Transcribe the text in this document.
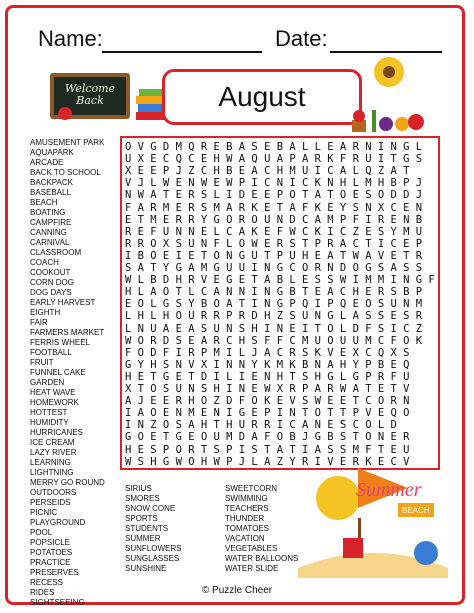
Name:	Date:
Welcome Back	August
O V G D M Q R E B A S E B A L L E A R N I N G L
U X E C Q C E H W A Q U A P A R K F R U I T G S
X E E P J Z C H B E A C H M U I C A L Q Z A T
V J L W E N W E W P I C N I C K N H L M H B P J
N W A T E R S L I D E E P O T A T O E S O D D J
F A R M E R S M A R K E T A F K E Y S N X C E N
E T M E R R Y G O R O U N D C A M P F I R E N B
R E F U N N E L C A K E F W C K I C Z E S Y M U
R R O X S U N F L O W E R S T P R A C T I C E P
I B O E I E T O N G U T P U H E A T W A V E T R
S A T Y G A M G U U I N G C O R N D O G S A S S
W L B D H R V E G E T A B L E S S W I M M I N G F
H L A O T L C A N N I N G B T E A C H E R S B P
E O L G S Y B O A T I N G P Q I P Q E O S U N M
L H L H O U R R P R D H Z S U N G L A S S E S R
L N U A E A S U N S H I N E I T O L D F S I C Z
W O R D S E A R C H S F F C M U O U U M C F O K
F O D F I R P M I L J A C R S K V E X C Q X S
G Y H S N V X I N N Y K M K B N A H Y P B E Q
H E T G E T D I L I E N H T S H G L G P R F U
X T O S U N S H I N E W X R P A R W A T E T V
A J E E R H O Z D F O K E V S W E E T C O R N
I A O E N M E N I G E P I N T O T T P V E Q O
I N Z O S A H T H U R R I C A N E S C O L D
G O E T G E O U M D A F O B J G B S T O N E R
H E S P O R T S P I S T A T I A S S M F T E U
W S H G W O H W P J L A Z Y R I V E R K E C V
AMUSEMENT PARK
AQUAPARK
ARCADE
BACK TO SCHOOL
BACKPACK
BASEBALL
BEACH
BOATING
CAMPFIRE
CANNING
CARNIVAL
CLASSROOM
COACH
COOKOUT
CORN DOG
DOG DAYS
EARLY HARVEST
EIGHTH
FAIR
FARMERS MARKET
FERRIS WHEEL
FOOTBALL
FRUIT
FUNNEL CAKE
GARDEN
HEAT WAVE
HOMEWORK
HOTTEST
HUMIDITY
HURRICANES
ICE CREAM
LAZY RIVER
LEARNING
LIGHTNING
MERRY GO ROUND
OUTDOORS
PERSEIDS
PICNIC
PLAYGROUND
POOL
POPSICLE
POTATOES
PRACTICE
PRESERVES
RECESS
RIDES
SIGHTSEEING
SIRIUS
SMORES
SNOW CONE
SPORTS
STUDENTS
SUMMER
SUNFLOWERS
SUNGLASSES
SUNSHINE
SWEETCORN
SWIMMING
TEACHERS
THUNDER
TOMATOES
VACATION
VEGETABLES
WATER BALLOONS
WATER SLIDE
Summer
BEACH
© Puzzle Cheer
